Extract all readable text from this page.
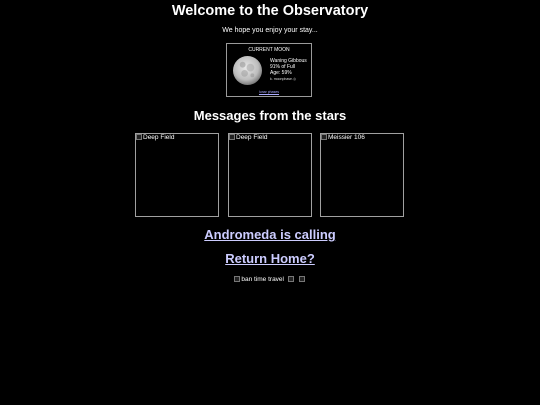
Welcome to the Observatory
We hope you enjoy your stay...
CURRENT MOON
Waning Gibbous
91% of Full
Age: 59%
k. moonphase.◎
lunar phases
Messages from the stars
Deep Field	Deep Field	Meissier 106
Andromeda is calling
Return Home?
ban time travel
